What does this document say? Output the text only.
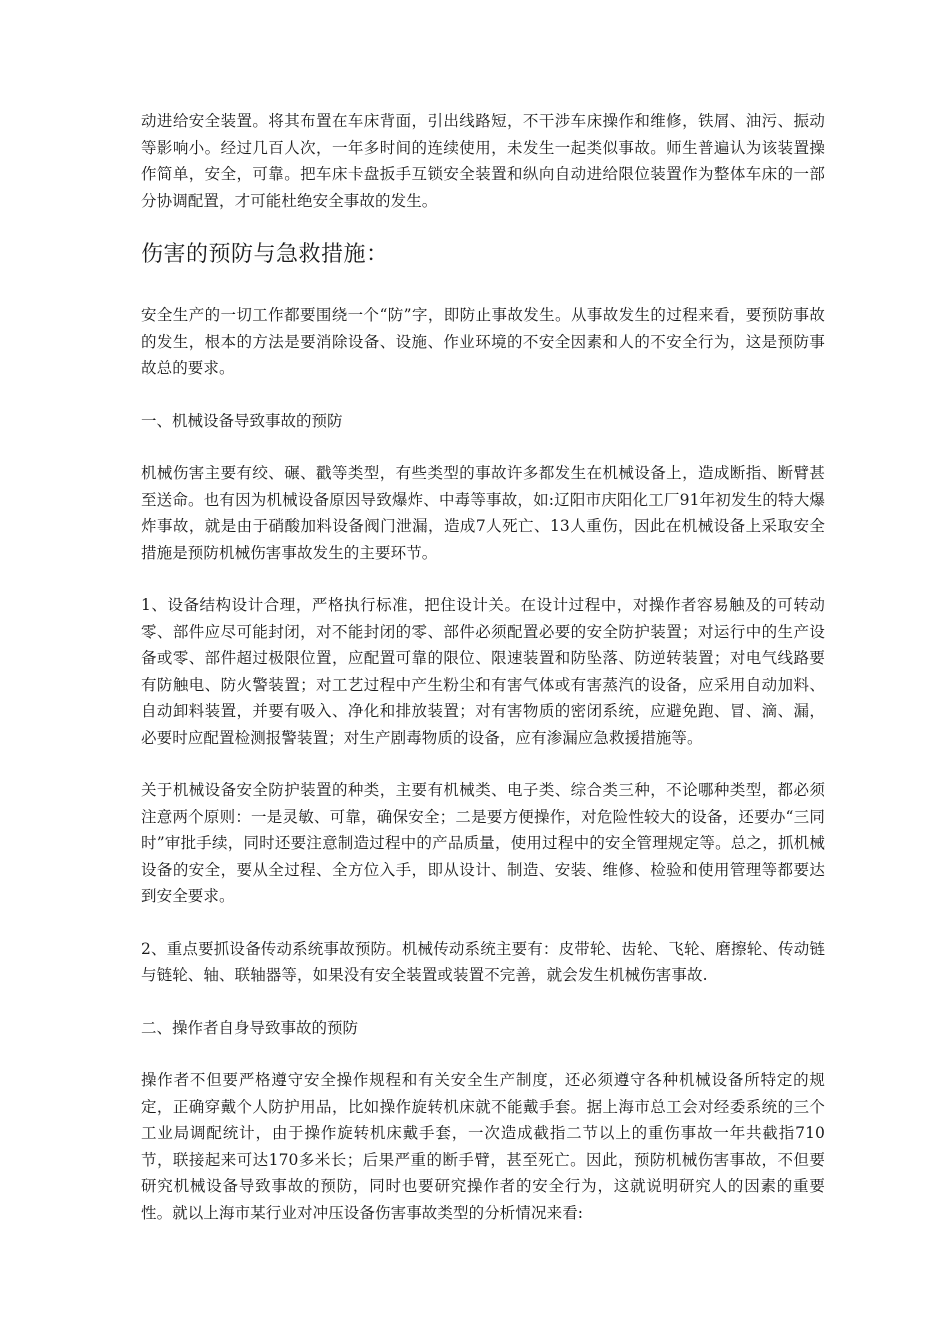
动进给安全装置。将其布置在车床背面，引出线路短，不干涉车床操作和维修，铁屑、油污、振动等影响小。经过几百人次，一年多时间的连续使用，未发生一起类似事故。师生普遍认为该装置操作简单，安全，可靠。把车床卡盘扳手互锁安全装置和纵向自动进给限位装置作为整体车床的一部分协调配置，才可能杜绝安全事故的发生。

伤害的预防与急救措施：

安全生产的一切工作都要围绕一个“防”字，即防止事故发生。从事故发生的过程来看，要预防事故的发生，根本的方法是要消除设备、设施、作业环境的不安全因素和人的不安全行为，这是预防事故总的要求。

一、机械设备导致事故的预防

机械伤害主要有绞、碾、戳等类型，有些类型的事故许多都发生在机械设备上，造成断指、断臂甚至送命。也有因为机械设备原因导致爆炸、中毒等事故，如:辽阳市庆阳化工厂91年初发生的特大爆炸事故，就是由于硝酸加料设备阀门泄漏，造成7人死亡、13人重伤，因此在机械设备上采取安全措施是预防机械伤害事故发生的主要环节。

1、设备结构设计合理，严格执行标准，把住设计关。在设计过程中，对操作者容易触及的可转动零、部件应尽可能封闭，对不能封闭的零、部件必须配置必要的安全防护装置；对运行中的生产设备或零、部件超过极限位置，应配置可靠的限位、限速装置和防坠落、防逆转装置；对电气线路要有防触电、防火警装置；对工艺过程中产生粉尘和有害气体或有害蒸汽的设备，应采用自动加料、自动卸料装置，并要有吸入、净化和排放装置；对有害物质的密闭系统，应避免跑、冒、滴、漏，必要时应配置检测报警装置；对生产剧毒物质的设备，应有渗漏应急救援措施等。

关于机械设备安全防护装置的种类，主要有机械类、电子类、综合类三种，不论哪种类型，都必须注意两个原则：一是灵敏、可靠，确保安全；二是要方便操作，对危险性较大的设备，还要办“三同时”审批手续，同时还要注意制造过程中的产品质量，使用过程中的安全管理规定等。总之，抓机械设备的安全，要从全过程、全方位入手，即从设计、制造、安装、维修、检验和使用管理等都要达到安全要求。

2、重点要抓设备传动系统事故预防。机械传动系统主要有：皮带轮、齿轮、飞轮、磨擦轮、传动链与链轮、轴、联轴器等，如果没有安全装置或装置不完善，就会发生机械伤害事故.

二、操作者自身导致事故的预防

操作者不但要严格遵守安全操作规程和有关安全生产制度，还必须遵守各种机械设备所特定的规定，正确穿戴个人防护用品，比如操作旋转机床就不能戴手套。据上海市总工会对经委系统的三个工业局调配统计，由于操作旋转机床戴手套，一次造成截指二节以上的重伤事故一年共截指710节，联接起来可达170多米长；后果严重的断手臂，甚至死亡。因此，预防机械伤害事故，不但要研究机械设备导致事故的预防，同时也要研究操作者的安全行为，这就说明研究人的因素的重要性。就以上海市某行业对冲压设备伤害事故类型的分析情况来看:
